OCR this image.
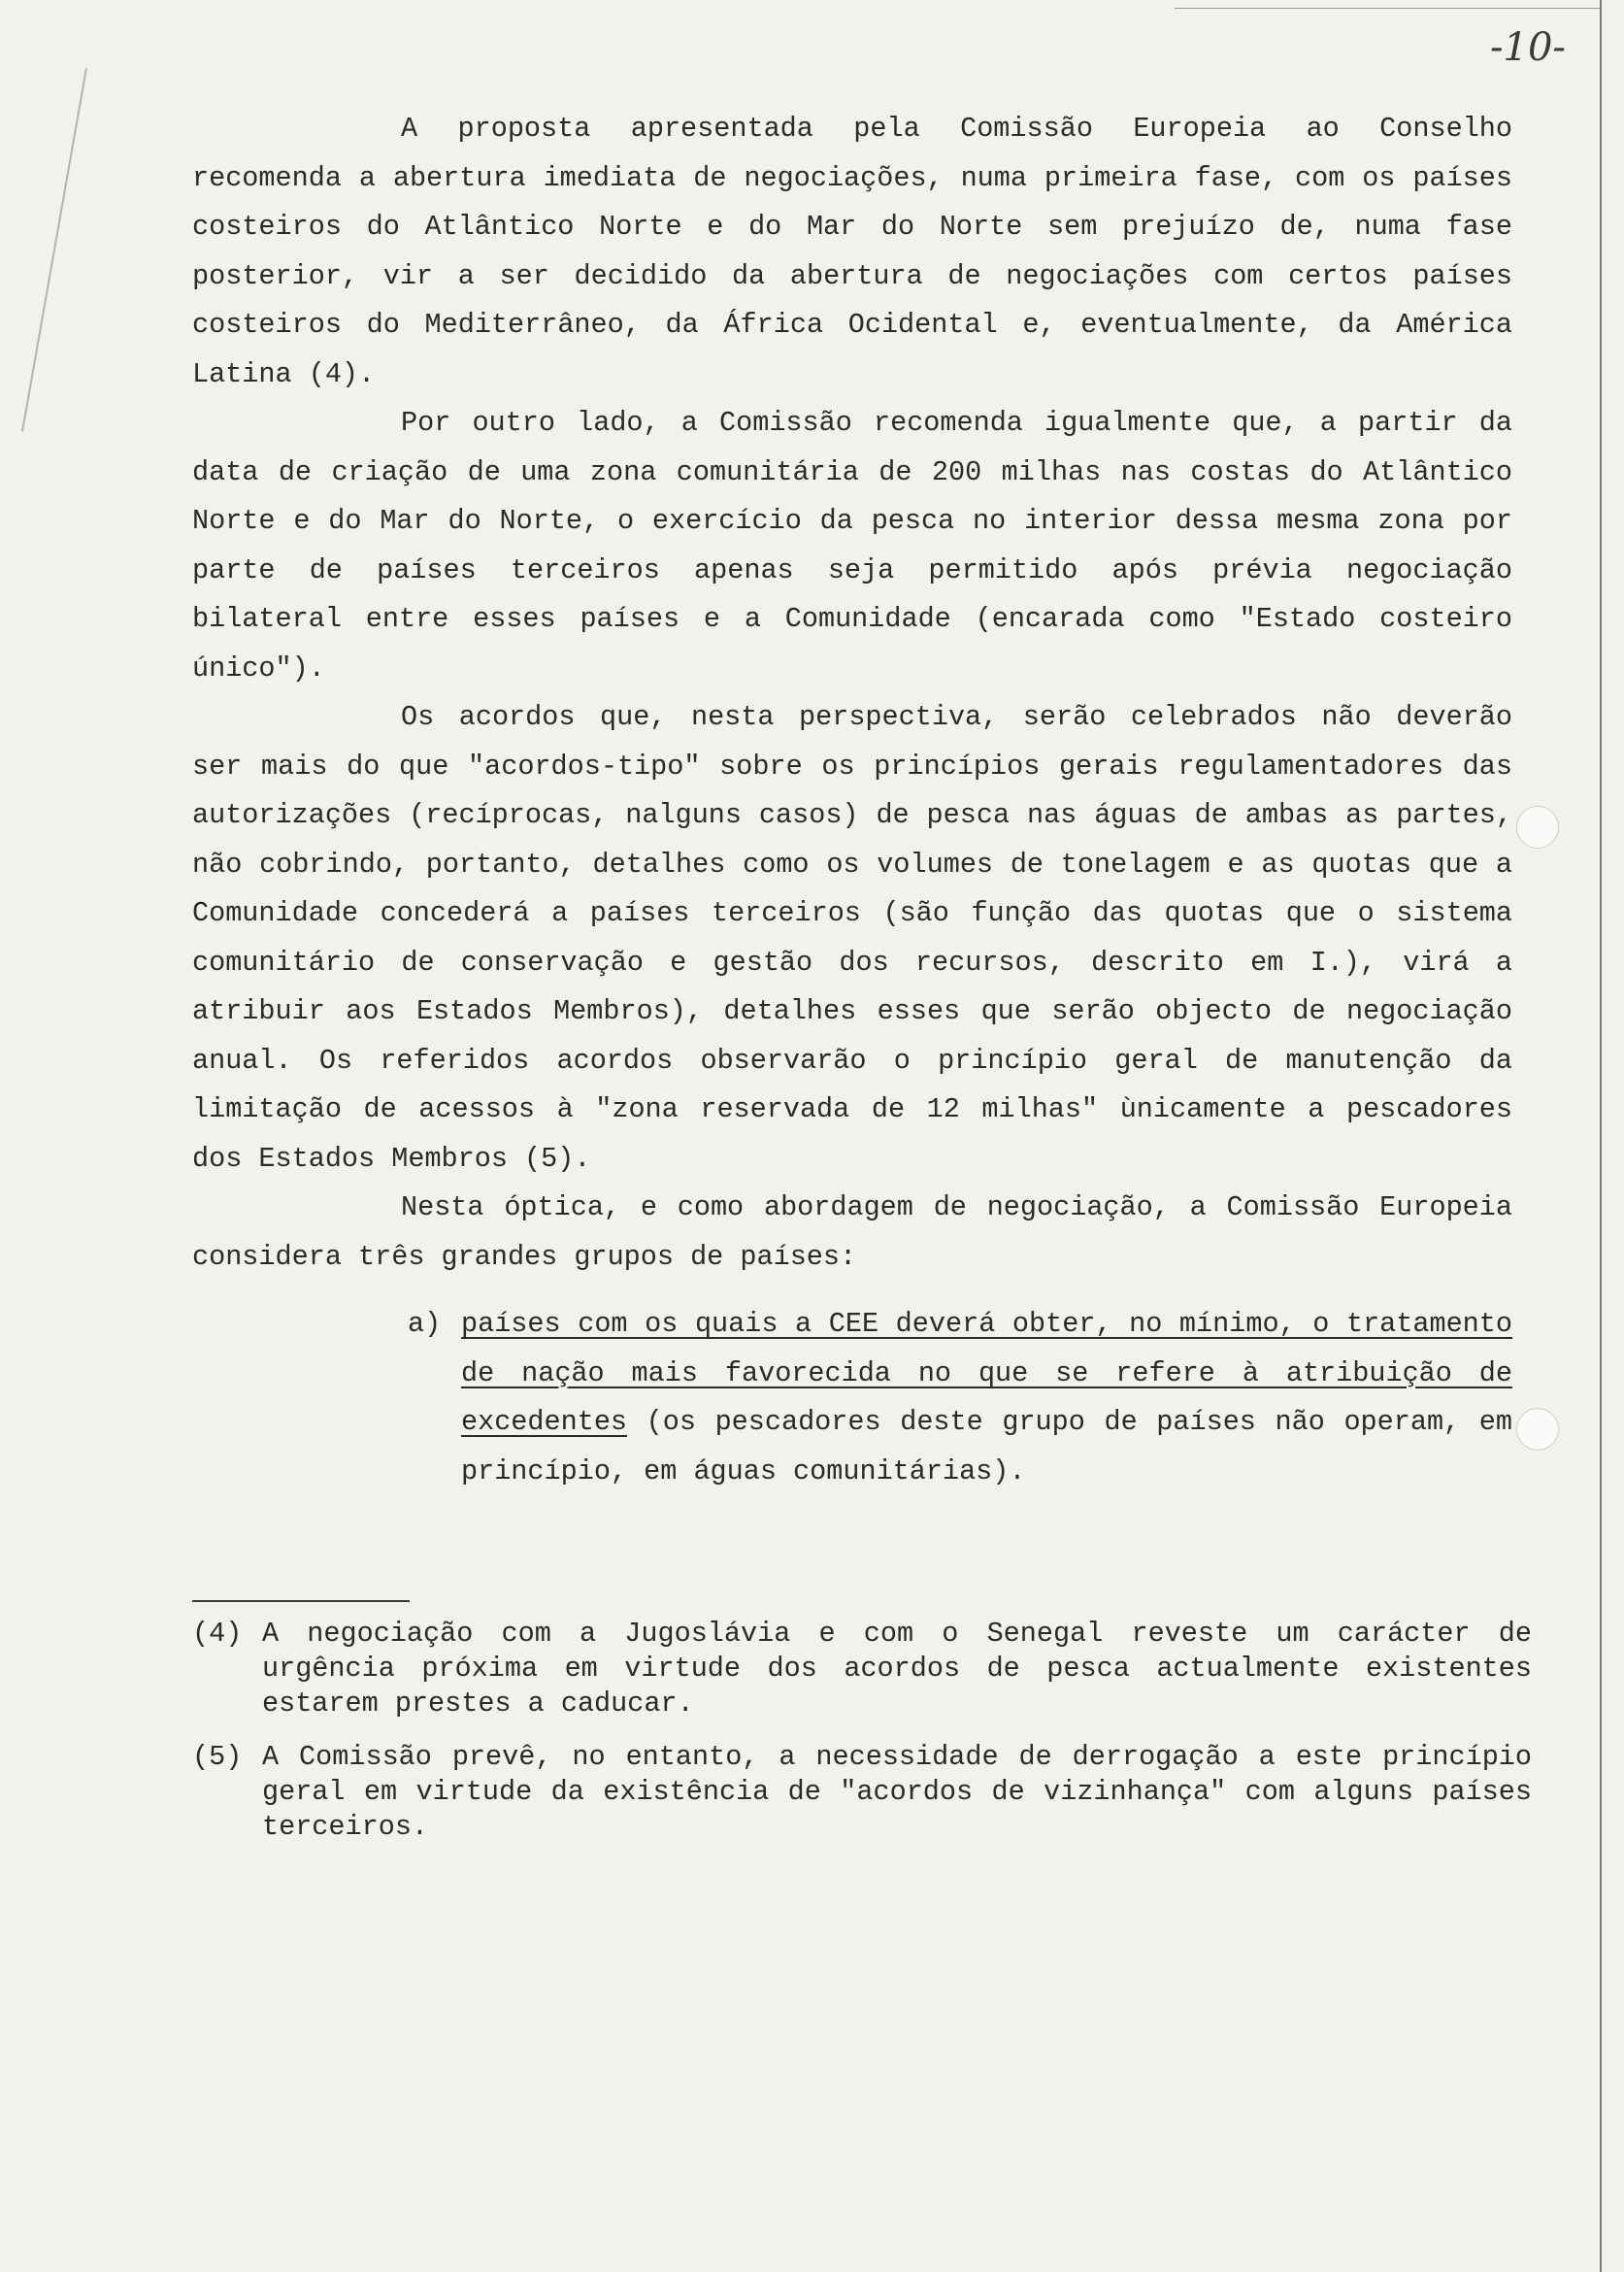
-10-

A proposta apresentada pela Comissão Europeia ao Conselho recomenda a abertura imediata de negociações, numa primeira fase, com os países costeiros do Atlântico Norte e do Mar do Norte sem prejuízo de, numa fase posterior, vir a ser decidido da abertura de negociações com certos países costeiros do Mediterrâneo, da África Ocidental e, eventualmente, da América Latina (4).

Por outro lado, a Comissão recomenda igualmente que, a partir da data de criação de uma zona comunitária de 200 milhas nas costas do Atlântico Norte e do Mar do Norte, o exercício da pesca no interior dessa mesma zona por parte de países terceiros apenas seja permitido após prévia negociação bilateral entre esses países e a Comunidade (encarada como "Estado costeiro único").

Os acordos que, nesta perspectiva, serão celebrados não deverão ser mais do que "acordos-tipo" sobre os princípios gerais regulamentadores das autorizações (recíprocas, nalguns casos) de pesca nas águas de ambas as partes, não cobrindo, portanto, detalhes como os volumes de tonelagem e as quotas que a Comunidade concederá a países terceiros (são função das quotas que o sistema comunitário de conservação e gestão dos recursos, descrito em I.), virá a atribuir aos Estados Membros), detalhes esses que serão objecto de negociação anual. Os referidos acordos observarão o princípio geral de manutenção da limitação de acessos à "zona reservada de 12 milhas" ùnicamente a pescadores dos Estados Membros (5).

Nesta óptica, e como abordagem de negociação, a Comissão Europeia considera três grandes grupos de países:

a) países com os quais a CEE deverá obter, no mínimo, o tratamento de nação mais favorecida no que se refere à atribuição de excedentes (os pescadores deste grupo de países não operam, em princípio, em águas comunitárias).
(4) A negociação com a Jugoslávia e com o Senegal reveste um carácter de urgência próxima em virtude dos acordos de pesca actualmente existentes estarem prestes a caducar.
(5) A Comissão prevê, no entanto, a necessidade de derrogação a este princípio geral em virtude da existência de "acordos de vizinhança" com alguns países terceiros.
